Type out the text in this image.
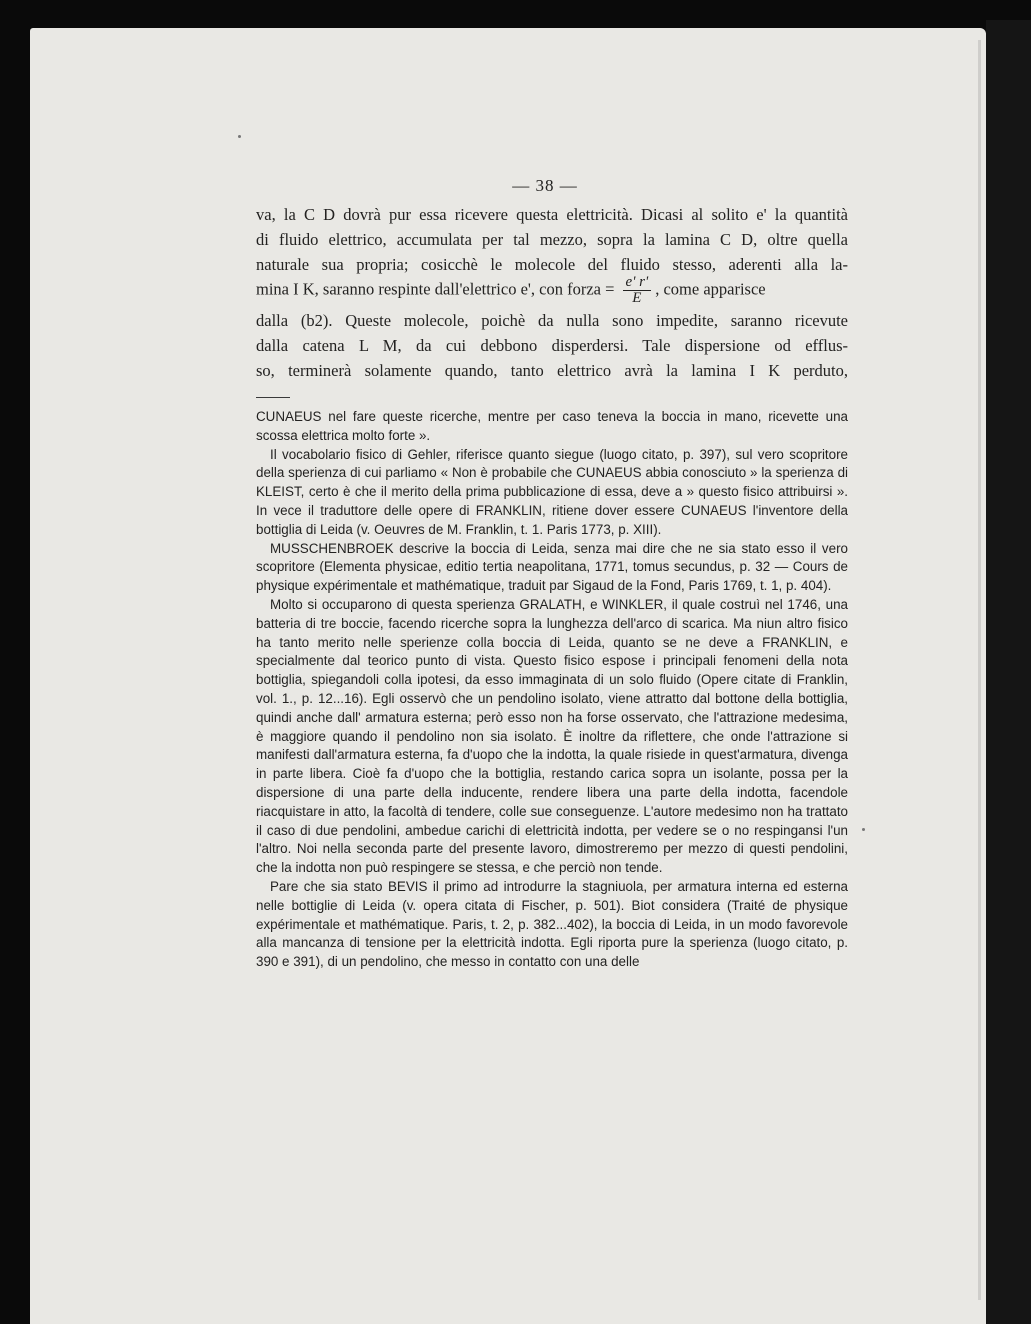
— 38 —
va, la C D dovrà pur essa ricevere questa elettricità. Dicasi al solito e' la quantità
di fluido elettrico, accumulata per tal mezzo, sopra la lamina C D, oltre quella
naturale sua propria; cosicchè le molecole del fluido stesso, aderenti alla la-
mina I K, saranno respinte dall'elettrico e', con forza = $\frac{e' r'}{E}$ , come apparisce
dalla (b2). Queste molecole, poichè da nulla sono impedite, saranno ricevute
dalla catena L M, da cui debbono disperdersi. Tale dispersione od efflus-
so, terminerà solamente quando, tanto elettrico avrà la lamina I K perduto,

CUNAEUS nel fare queste ricerche, mentre per caso teneva la boccia in mano, ricevette una scossa elettrica molto forte ».

Il vocabolario fisico di Gehler, riferisce quanto siegue (luogo citato, p. 397), sul vero scopritore della sperienza di cui parliamo « Non è probabile che CUNAEUS abbia conosciuto » la sperienza di KLEIST, certo è che il merito della prima pubblicazione di essa, deve a » questo fisico attribuirsi ». In vece il traduttore delle opere di FRANKLIN, ritiene dover essere CUNAEUS l'inventore della bottiglia di Leida (v. Oeuvres de M. Franklin, t. 1. Paris 1773, p. XIII).

MUSSCHENBROEK descrive la boccia di Leida, senza mai dire che ne sia stato esso il vero scopritore (Elementa physicae, editio tertia neapolitana, 1771, tomus secundus, p. 32 — Cours de physique expérimentale et mathématique, traduit par Sigaud de la Fond, Paris 1769, t. 1, p. 404).

Molto si occuparono di questa sperienza GRALATH, e WINKLER, il quale costruì nel 1746, una batteria di tre boccie, facendo ricerche sopra la lunghezza dell'arco di scarica. Ma niun altro fisico ha tanto merito nelle sperienze colla boccia di Leida, quanto se ne deve a FRANKLIN, e specialmente dal teorico punto di vista. Questo fisico espose i principali fenomeni della nota bottiglia, spiegandoli colla ipotesi, da esso immaginata di un solo fluido (Opere citate di Franklin, vol. 1., p. 12...16). Egli osservò che un pendolino isolato, viene attratto dal bottone della bottiglia, quindi anche dall' armatura esterna; però esso non ha forse osservato, che l'attrazione medesima, è maggiore quando il pendolino non sia isolato. È inoltre da riflettere, che onde l'attrazione si manifesti dall'armatura esterna, fa d'uopo che la indotta, la quale risiede in quest'armatura, divenga in parte libera. Cioè fa d'uopo che la bottiglia, restando carica sopra un isolante, possa per la dispersione di una parte della inducente, rendere libera una parte della indotta, facendole riacquistare in atto, la facoltà di tendere, colle sue conseguenze. L'autore medesimo non ha trattato il caso di due pendolini, ambedue carichi di elettricità indotta, per vedere se o no respingansi l'un l'altro. Noi nella seconda parte del presente lavoro, dimostreremo per mezzo di questi pendolini, che la indotta non può respingere se stessa, e che perciò non tende.

Pare che sia stato BEVIS il primo ad introdurre la stagniuola, per armatura interna ed esterna nelle bottiglie di Leida (v. opera citata di Fischer, p. 501). Biot considera (Traité de physique expérimentale et mathématique. Paris, t. 2, p. 382...402), la boccia di Leida, in un modo favorevole alla mancanza di tensione per la elettricità indotta. Egli riporta pure la sperienza (luogo citato, p. 390 e 391), di un pendolino, che messo in contatto con una delle
